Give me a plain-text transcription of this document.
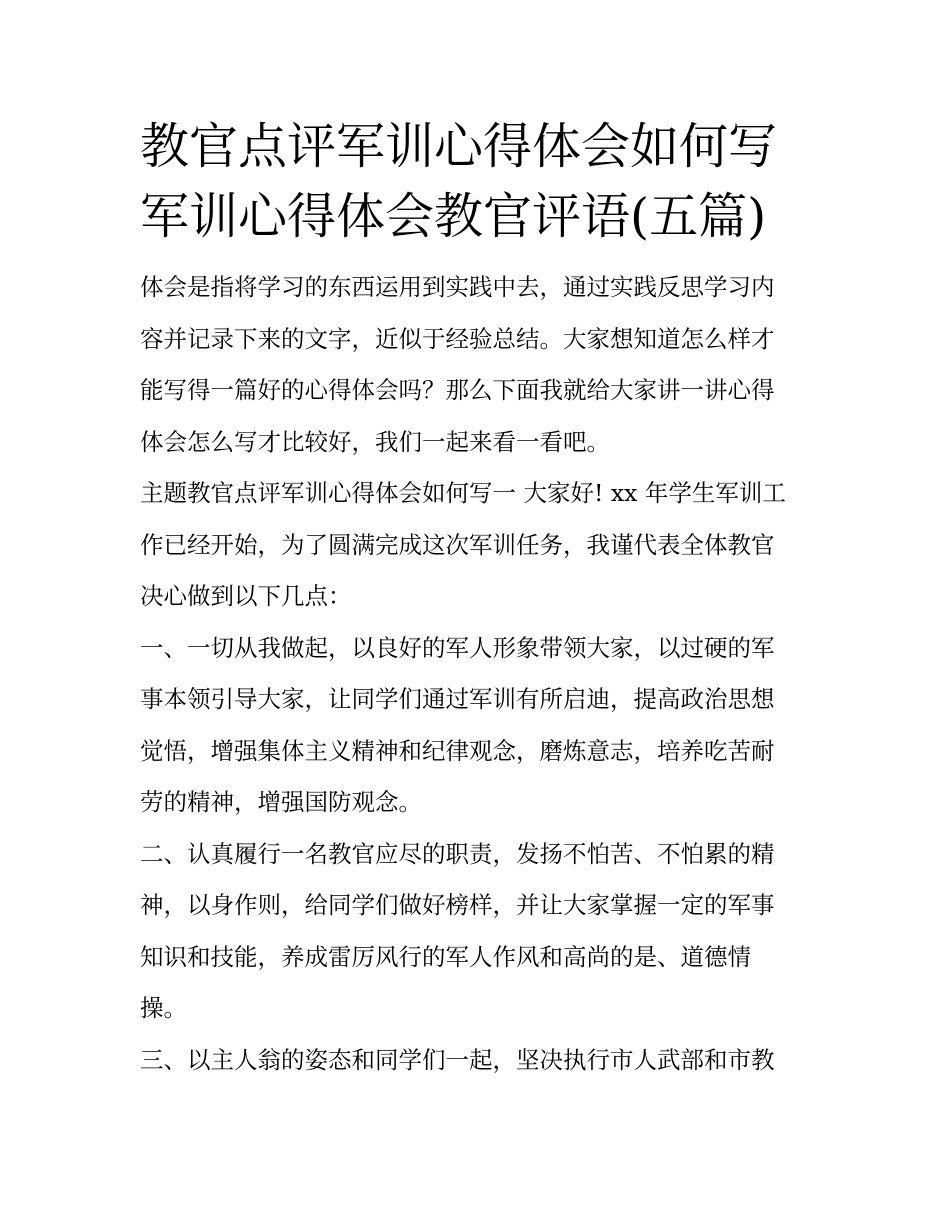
教官点评军训心得体会如何写
军训心得体会教官评语(五篇)
体会是指将学习的东西运用到实践中去，通过实践反思学习内
容并记录下来的文字，近似于经验总结。大家想知道怎么样才
能写得一篇好的心得体会吗？那么下面我就给大家讲一讲心得
体会怎么写才比较好，我们一起来看一看吧。
主题教官点评军训心得体会如何写一 大家好! xx 年学生军训工
作已经开始，为了圆满完成这次军训任务，我谨代表全体教官
决心做到以下几点：
一、一切从我做起，以良好的军人形象带领大家，以过硬的军
事本领引导大家，让同学们通过军训有所启迪，提高政治思想
觉悟，增强集体主义精神和纪律观念，磨炼意志，培养吃苦耐
劳的精神，增强国防观念。
二、认真履行一名教官应尽的职责，发扬不怕苦、不怕累的精
神，以身作则，给同学们做好榜样，并让大家掌握一定的军事
知识和技能，养成雷厉风行的军人作风和高尚的是、道德情
操。
三、以主人翁的姿态和同学们一起，坚决执行市人武部和市教
